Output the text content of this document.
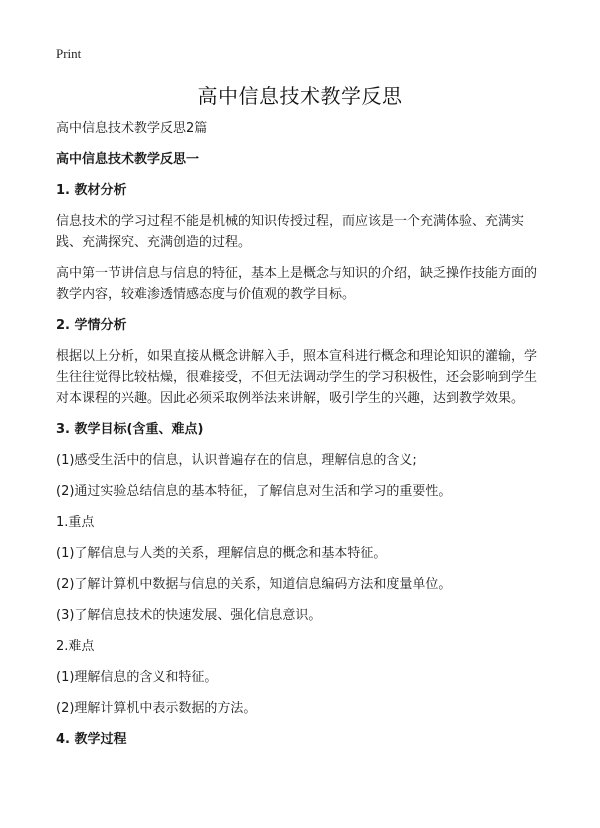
Print
高中信息技术教学反思

高中信息技术教学反思2篇

高中信息技术教学反思一

1. 教材分析

信息技术的学习过程不能是机械的知识传授过程，而应该是一个充满体验、充满实践、充满探究、充满创造的过程。

高中第一节讲信息与信息的特征，基本上是概念与知识的介绍，缺乏操作技能方面的教学内容，较难渗透情感态度与价值观的教学目标。

2. 学情分析

根据以上分析，如果直接从概念讲解入手，照本宣科进行概念和理论知识的灌输，学生往往觉得比较枯燥，很难接受，不但无法调动学生的学习积极性，还会影响到学生对本课程的兴趣。因此必须采取例举法来讲解，吸引学生的兴趣，达到教学效果。

3. 教学目标(含重、难点)

(1)感受生活中的信息，认识普遍存在的信息，理解信息的含义;

(2)通过实验总结信息的基本特征，了解信息对生活和学习的重要性。

1.重点

(1)了解信息与人类的关系，理解信息的概念和基本特征。

(2)了解计算机中数据与信息的关系，知道信息编码方法和度量单位。

(3)了解信息技术的快速发展、强化信息意识。

2.难点

(1)理解信息的含义和特征。

(2)理解计算机中表示数据的方法。

4. 教学过程
